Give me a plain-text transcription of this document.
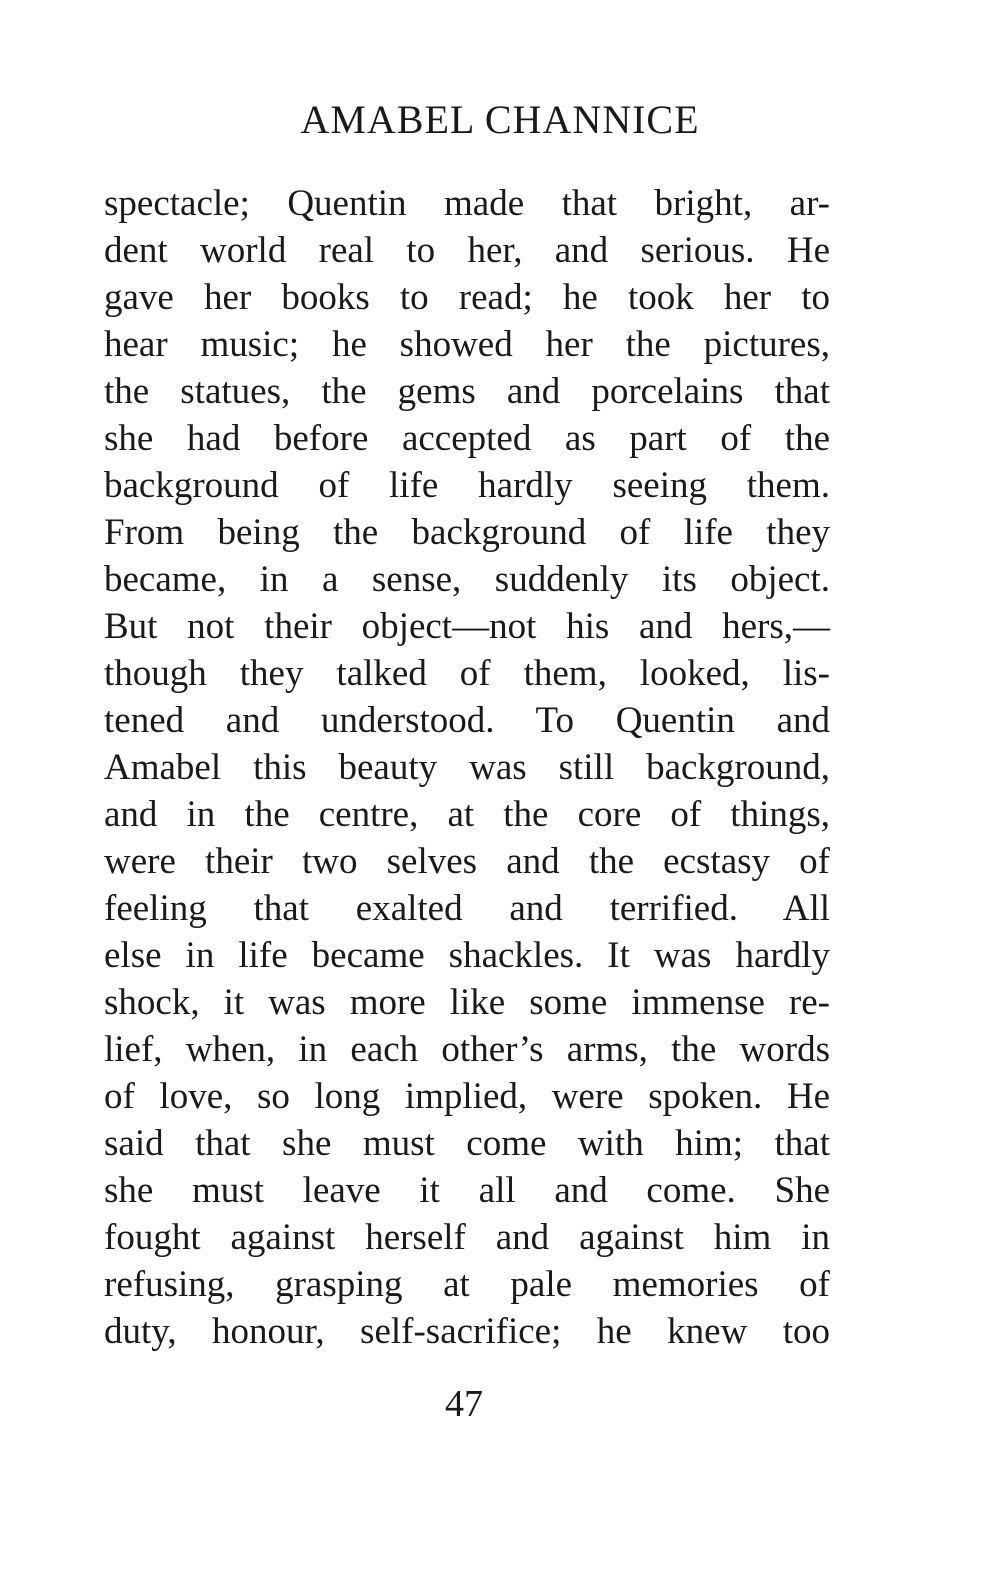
AMABEL CHANNICE
spectacle; Quentin made that bright, ar-
dent world real to her, and serious. He
gave her books to read; he took her to
hear music; he showed her the pictures,
the statues, the gems and porcelains that
she had before accepted as part of the
background of life hardly seeing them.
From being the background of life they
became, in a sense, suddenly its object.
But not their object—not his and hers,—
though they talked of them, looked, lis-
tened and understood. To Quentin and
Amabel this beauty was still background,
and in the centre, at the core of things,
were their two selves and the ecstasy of
feeling that exalted and terrified. All
else in life became shackles. It was hardly
shock, it was more like some immense re-
lief, when, in each other’s arms, the words
of love, so long implied, were spoken. He
said that she must come with him; that
she must leave it all and come. She
fought against herself and against him in
refusing, grasping at pale memories of
duty, honour, self-sacrifice; he knew too
47
